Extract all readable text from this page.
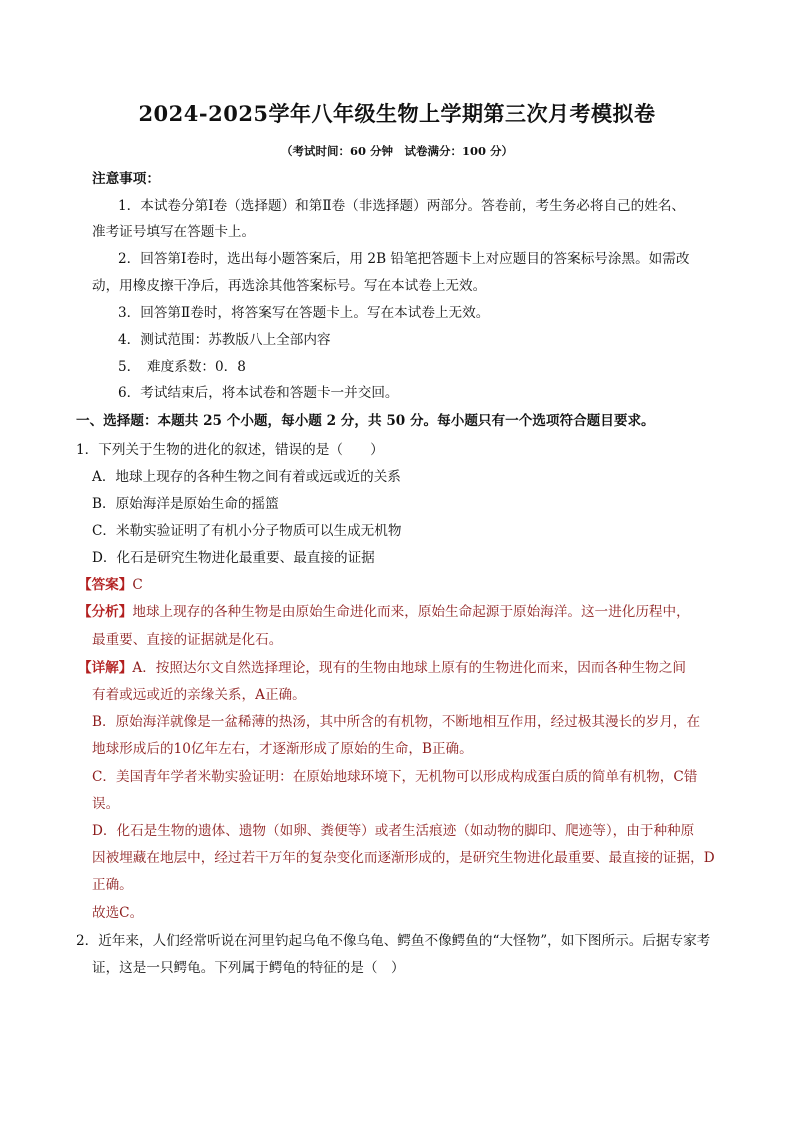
2024-2025学年八年级生物上学期第三次月考模拟卷
（考试时间：60 分钟　试卷满分：100 分）
注意事项：
1．本试卷分第Ⅰ卷（选择题）和第Ⅱ卷（非选择题）两部分。答卷前，考生务必将自己的姓名、
准考证号填写在答题卡上。
2．回答第Ⅰ卷时，选出每小题答案后，用 2B 铅笔把答题卡上对应题目的答案标号涂黑。如需改
动，用橡皮擦干净后，再选涂其他答案标号。写在本试卷上无效。
3．回答第Ⅱ卷时，将答案写在答题卡上。写在本试卷上无效。
4．测试范围：苏教版八上全部内容
5．　难度系数：0．8
6．考试结束后，将本试卷和答题卡一并交回。
一、选择题：本题共 25 个小题，每小题 2 分，共 50 分。每小题只有一个选项符合题目要求。
1．下列关于生物的进化的叙述，错误的是（　　）
A．地球上现存的各种生物之间有着或远或近的关系
B．原始海洋是原始生命的摇篮
C．米勒实验证明了有机小分子物质可以生成无机物
D．化石是研究生物进化最重要、最直接的证据
【答案】C
【分析】地球上现存的各种生物是由原始生命进化而来，原始生命起源于原始海洋。这一进化历程中，
最重要、直接的证据就是化石。
【详解】A．按照达尔文自然选择理论，现有的生物由地球上原有的生物进化而来，因而各种生物之间
有着或远或近的亲缘关系，A正确。
B．原始海洋就像是一盆稀薄的热汤，其中所含的有机物，不断地相互作用，经过极其漫长的岁月，在
地球形成后的10亿年左右，才逐渐形成了原始的生命，B正确。
C．美国青年学者米勒实验证明：在原始地球环境下，无机物可以形成构成蛋白质的简单有机物，C错
误。
D．化石是生物的遗体、遗物（如卵、粪便等）或者生活痕迹（如动物的脚印、爬迹等），由于种种原
因被埋藏在地层中，经过若干万年的复杂变化而逐渐形成的，是研究生物进化最重要、最直接的证据，D
正确。
故选C。
2．近年来，人们经常听说在河里钓起乌龟不像乌龟、鳄鱼不像鳄鱼的“大怪物”，如下图所示。后据专家考
证，这是一只鳄龟。下列属于鳄龟的特征的是（　）
